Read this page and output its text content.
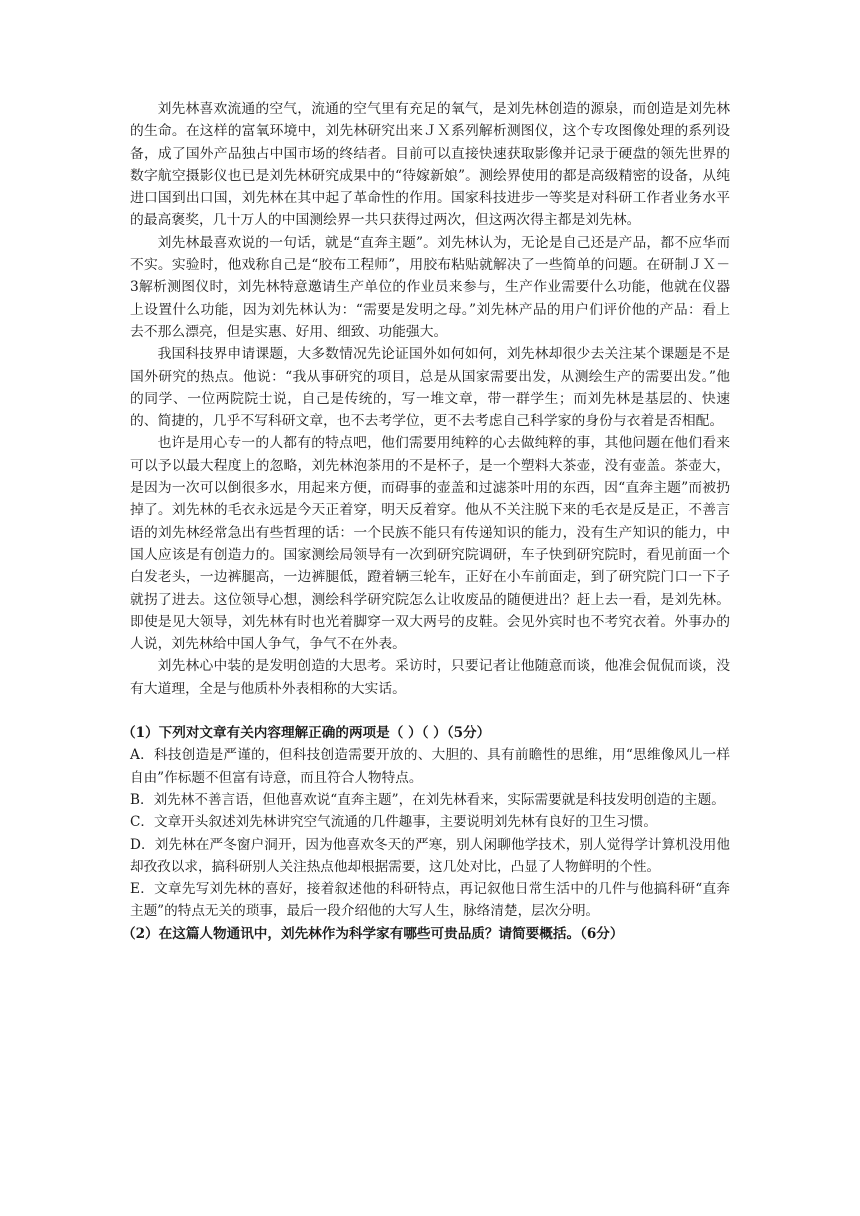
刘先林喜欢流通的空气，流通的空气里有充足的氧气，是刘先林创造的源泉，而创造是刘先林的生命。在这样的富氧环境中，刘先林研究出来ＪＸ系列解析测图仪，这个专攻图像处理的系列设备，成了国外产品独占中国市场的终结者。目前可以直接快速获取影像并记录于硬盘的领先世界的数字航空摄影仪也已是刘先林研究成果中的“待嫁新娘”。测绘界使用的都是高级精密的设备，从纯进口国到出口国，刘先林在其中起了革命性的作用。国家科技进步一等奖是对科研工作者业务水平的最高褒奖，几十万人的中国测绘界一共只获得过两次，但这两次得主都是刘先林。

刘先林最喜欢说的一句话，就是“直奔主题”。刘先林认为，无论是自己还是产品，都不应华而不实。实验时，他戏称自己是“胶布工程师”，用胶布粘贴就解决了一些简单的问题。在研制ＪＸ－3解析测图仪时，刘先林特意邀请生产单位的作业员来参与，生产作业需要什么功能，他就在仪器上设置什么功能，因为刘先林认为：“需要是发明之母。”刘先林产品的用户们评价他的产品：看上去不那么漂亮，但是实惠、好用、细致、功能强大。

我国科技界申请课题，大多数情况先论证国外如何如何，刘先林却很少去关注某个课题是不是国外研究的热点。他说：“我从事研究的项目，总是从国家需要出发，从测绘生产的需要出发。”他的同学、一位两院院士说，自己是传统的，写一堆文章，带一群学生；而刘先林是基层的、快速的、简捷的，几乎不写科研文章，也不去考学位，更不去考虑自己科学家的身份与衣着是否相配。

也许是用心专一的人都有的特点吧，他们需要用纯粹的心去做纯粹的事，其他问题在他们看来可以予以最大程度上的忽略，刘先林泡茶用的不是杯子，是一个塑料大茶壶，没有壶盖。茶壶大，是因为一次可以倒很多水，用起来方便，而碍事的壶盖和过滤茶叶用的东西，因“直奔主题”而被扔掉了。刘先林的毛衣永远是今天正着穿，明天反着穿。他从不关注脱下来的毛衣是反是正，不善言语的刘先林经常急出有些哲理的话：一个民族不能只有传递知识的能力，没有生产知识的能力，中国人应该是有创造力的。国家测绘局领导有一次到研究院调研，车子快到研究院时，看见前面一个白发老头，一边裤腿高，一边裤腿低，蹬着辆三轮车，正好在小车前面走，到了研究院门口一下子就拐了进去。这位领导心想，测绘科学研究院怎么让收废品的随便进出？赶上去一看，是刘先林。即使是见大领导，刘先林有时也光着脚穿一双大两号的皮鞋。会见外宾时也不考究衣着。外事办的人说，刘先林给中国人争气，争气不在外表。

刘先林心中装的是发明创造的大思考。采访时，只要记者让他随意而谈，他准会侃侃而谈，没有大道理，全是与他质朴外表相称的大实话。

（1）下列对文章有关内容理解正确的两项是（ ）（ ）（5分）

A．科技创造是严谨的，但科技创造需要开放的、大胆的、具有前瞻性的思维，用“思维像风儿一样自由”作标题不但富有诗意，而且符合人物特点。

B．刘先林不善言语，但他喜欢说“直奔主题”，在刘先林看来，实际需要就是科技发明创造的主题。

C．文章开头叙述刘先林讲究空气流通的几件趣事，主要说明刘先林有良好的卫生习惯。

D．刘先林在严冬窗户洞开，因为他喜欢冬天的严寒，别人闲聊他学技术，别人觉得学计算机没用他却孜孜以求，搞科研别人关注热点他却根据需要，这几处对比，凸显了人物鲜明的个性。

E．文章先写刘先林的喜好，接着叙述他的科研特点，再记叙他日常生活中的几件与他搞科研“直奔主题”的特点无关的琐事，最后一段介绍他的大写人生，脉络清楚，层次分明。

（2）在这篇人物通讯中，刘先林作为科学家有哪些可贵品质？请简要概括。（6分）
